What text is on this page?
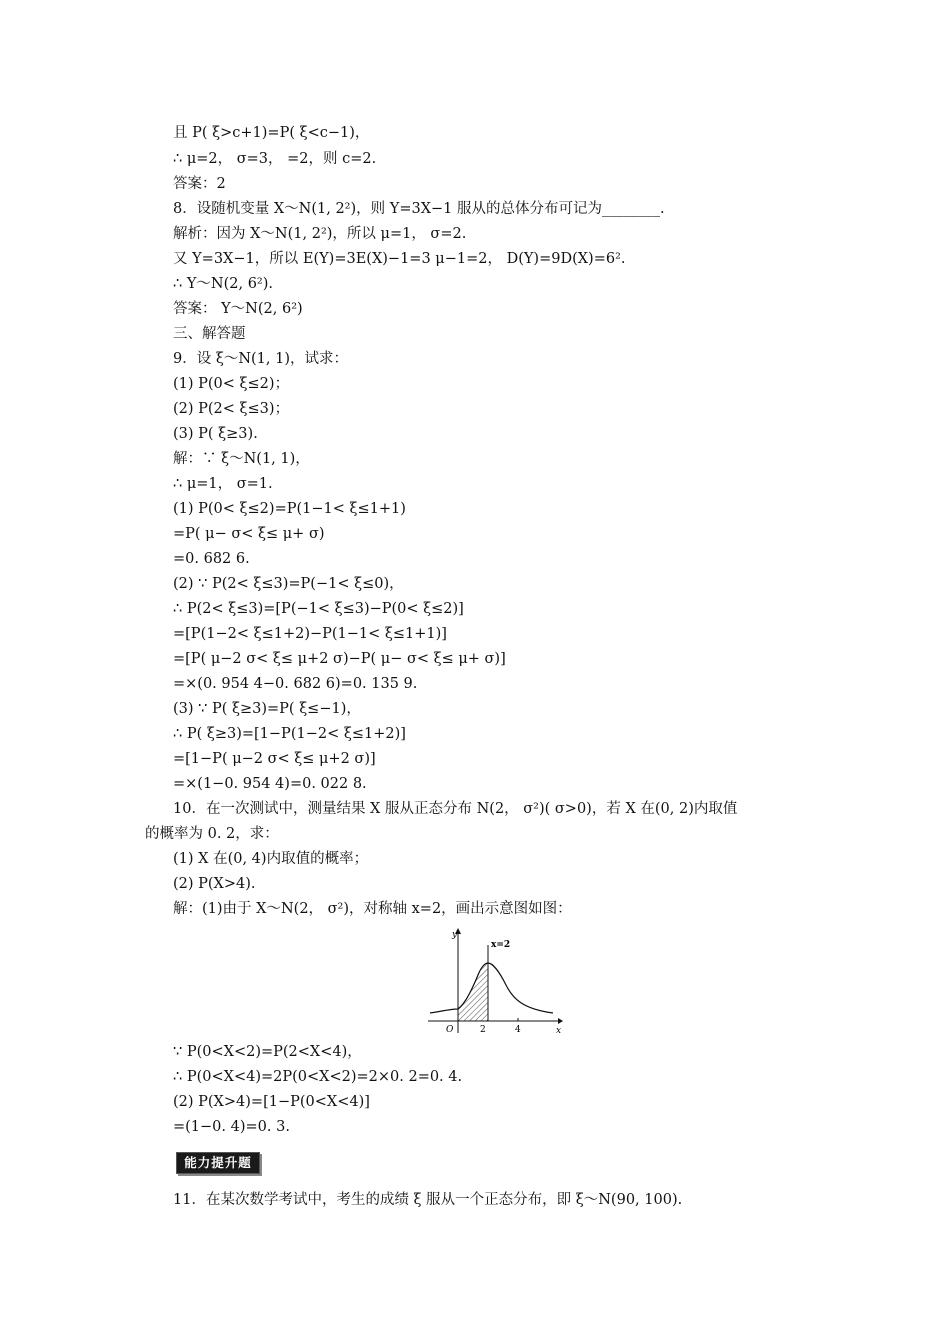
且 P( ξ>c+1)=P( ξ<c−1)，
∴ μ=2， σ=3， =2，则 c=2.
答案：2
8．设随机变量 X～N(1, 2²)，则 Y=3X−1 服从的总体分布可记为________.
解析：因为 X～N(1, 2²)，所以 μ=1， σ=2.
又 Y=3X−1，所以 E(Y)=3E(X)−1=3 μ−1=2， D(Y)=9D(X)=6².
∴ Y～N(2, 6²).
答案： Y～N(2, 6²)
三、解答题
9．设 ξ～N(1, 1)，试求：
(1) P(0< ξ≤2)；
(2) P(2< ξ≤3)；
(3) P( ξ≥3).
解：∵ ξ～N(1, 1)，
∴ μ=1， σ=1.
(1) P(0< ξ≤2)=P(1−1< ξ≤1+1)
=P( μ− σ< ξ≤ μ+ σ)
=0. 682 6.
(2) ∵ P(2< ξ≤3)=P(−1< ξ≤0)，
∴ P(2< ξ≤3)=[P(−1< ξ≤3)−P(0< ξ≤2)]
=[P(1−2< ξ≤1+2)−P(1−1< ξ≤1+1)]
=[P( μ−2 σ< ξ≤ μ+2 σ)−P( μ− σ< ξ≤ μ+ σ)]
=×(0. 954 4−0. 682 6)=0. 135 9.
(3) ∵ P( ξ≥3)=P( ξ≤−1)，
∴ P( ξ≥3)=[1−P(1−2< ξ≤1+2)]
=[1−P( μ−2 σ< ξ≤ μ+2 σ)]
=×(1−0. 954 4)=0. 022 8.
10．在一次测试中，测量结果 X 服从正态分布 N(2， σ²)( σ>0)，若 X 在(0, 2)内取值
的概率为 0. 2，求：
(1) X 在(0, 4)内取值的概率；
(2) P(X>4).
解：(1)由于 X～N(2， σ²)，对称轴 x=2，画出示意图如图：
y
x
O	2	4
x=2
∵ P(0<X<2)=P(2<X<4)，
∴ P(0<X<4)=2P(0<X<2)=2×0. 2=0. 4.
(2) P(X>4)=[1−P(0<X<4)]
=(1−0. 4)=0. 3.
能力提升题
11．在某次数学考试中，考生的成绩 ξ 服从一个正态分布，即 ξ～N(90, 100).
